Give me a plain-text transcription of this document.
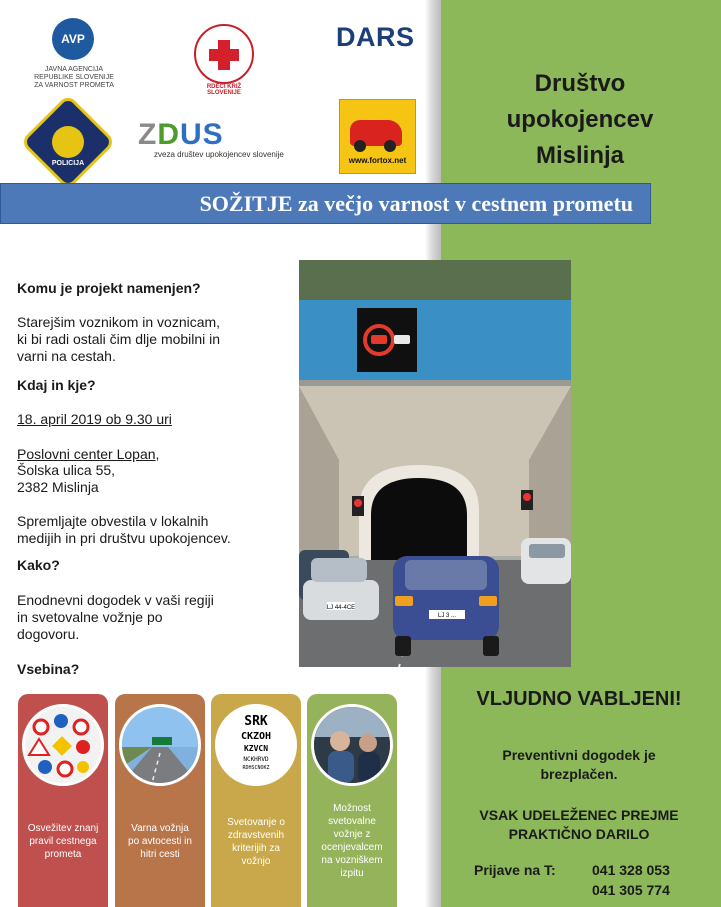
AVP
JAVNA AGENCIJA
REPUBLIKE SLOVENIJE
ZA VARNOST PROMETA	RDEČI KRIŽ SLOVENIJE
DARS
POLICIJA
ZDUS
zveza društev upokojencev slovenije
www.fortox.net
SOŽITJE za večjo varnost v cestnem prometu
Društvo
upokojencev
Mislinja
Komu je projekt namenjen?
Starejšim voznikom in voznicam,
ki bi radi ostali čim dlje mobilni in
varni na cestah.
Kdaj in kje?
18. april 2019 ob 9.30 uri
Poslovni center Lopan,
Šolska ulica 55,
2382 Mislinja
Spremljajte obvestila v lokalnih
medijih in pri društvu upokojencev.
Kako?
Enodnevni dogodek v vaši regiji
in svetovalne vožnje po
dogovoru.
Vsebina?
LJ 44-4CE
LJ 3 ...
Osvežitev znanj
pravil cestnega
prometa
Varna vožnja
po avtocesti in
hitri cesti
SRK
CKZOH
KZVCN
NCKHRVD
RDHSCNOKZ
Svetovanje o
zdravstvenih
kriterijih za
vožnjo
Možnost
svetovalne
vožnje z
ocenjevalcem
na vozniškem
izpitu
VLJUDNO VABLJENI!
Preventivni dogodek je
brezplačen.
VSAK UDELEŽENEC PREJME
PRAKTIČNO DARILO
Prijave na T:	041 328 053
041 305 774
